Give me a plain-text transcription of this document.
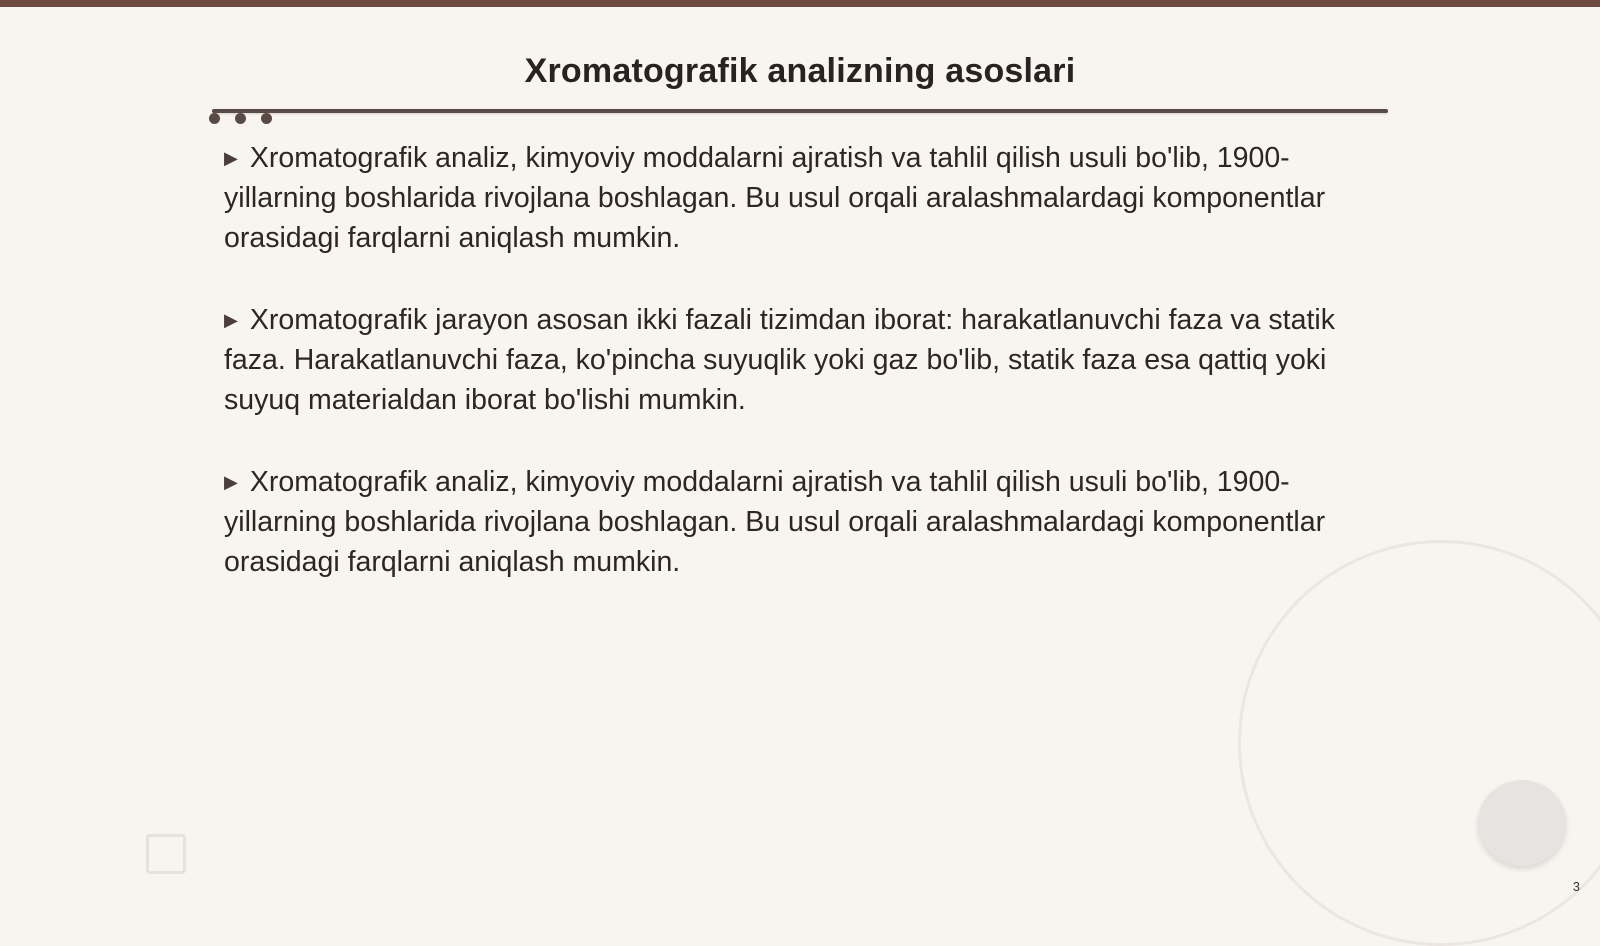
Xromatografik analizning asoslari

▶ Xromatografik analiz, kimyoviy moddalarni ajratish va tahlil qilish usuli bo'lib, 1900-yillarning boshlarida rivojlana boshlagan. Bu usul orqali aralashmalardagi komponentlar orasidagi farqlarni aniqlash mumkin.

▶ Xromatografik jarayon asosan ikki fazali tizimdan iborat: harakatlanuvchi faza va statik faza. Harakatlanuvchi faza, ko'pincha suyuqlik yoki gaz bo'lib, statik faza esa qattiq yoki suyuq materialdan iborat bo'lishi mumkin.

▶ Xromatografik analiz, kimyoviy moddalarni ajratish va tahlil qilish usuli bo'lib, 1900-yillarning boshlarida rivojlana boshlagan. Bu usul orqali aralashmalardagi komponentlar orasidagi farqlarni aniqlash mumkin.

3
